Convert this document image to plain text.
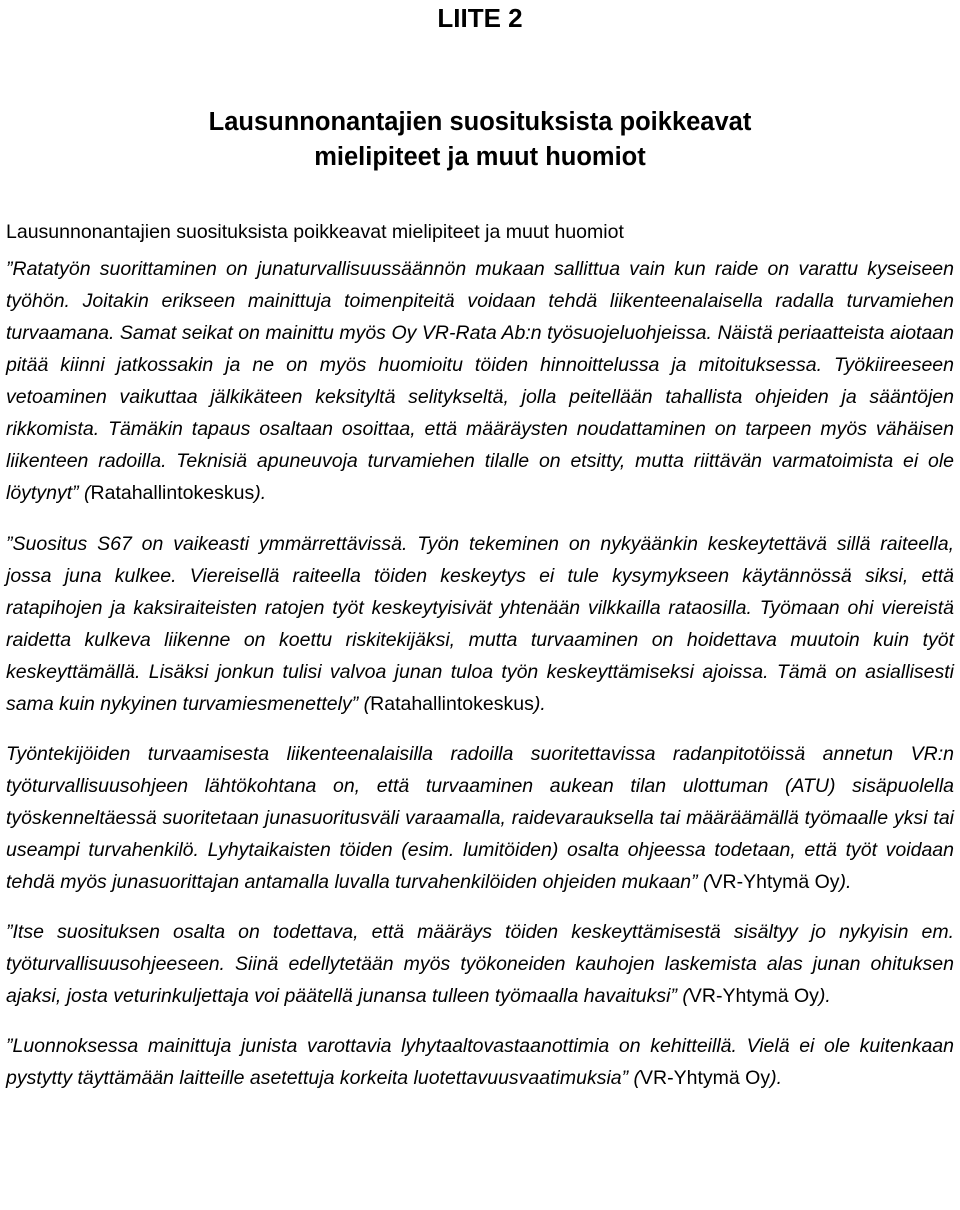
LIITE 2
Lausunnonantajien suosituksista poikkeavat
mielipiteet ja muut huomiot
Lausunnonantajien suosituksista poikkeavat mielipiteet ja muut huomiot

”Ratatyön suorittaminen on junaturvallisuussäännön mukaan sallittua vain kun raide on varattu kyseiseen työhön. Joitakin erikseen mainittuja toimenpiteitä voidaan tehdä liikenteenalaisella radalla turvamiehen turvaamana. Samat seikat on mainittu myös Oy VR-Rata Ab:n työsuojeluohjeissa. Näistä periaatteista aiotaan pitää kiinni jatkossakin ja ne on myös huomioitu töiden hinnoittelussa ja mitoituksessa. Työkiireeseen vetoaminen vaikuttaa jälkikäteen keksityltä selitykseltä, jolla peitellään tahallista ohjeiden ja sääntöjen rikkomista. Tämäkin tapaus osaltaan osoittaa, että määräysten noudattaminen on tarpeen myös vähäisen liikenteen radoilla. Teknisiä apuneuvoja turvamiehen tilalle on etsitty, mutta riittävän varmatoimista ei ole löytynyt” (Ratahallintokeskus).

”Suositus S67 on vaikeasti ymmärrettävissä. Työn tekeminen on nykyäänkin keskeytettävä sillä raiteella, jossa juna kulkee. Viereisellä raiteella töiden keskeytys ei tule kysymykseen käytännössä siksi, että ratapihojen ja kaksiraiteisten ratojen työt keskeytyisivät yhtenään vilkkailla rataosilla. Työmaan ohi viereistä raidetta kulkeva liikenne on koettu riskitekijäksi, mutta turvaaminen on hoidettava muutoin kuin työt keskeyttämällä. Lisäksi jonkun tulisi valvoa junan tuloa työn keskeyttämiseksi ajoissa. Tämä on asiallisesti sama kuin nykyinen turvamiesmenettely” (Ratahallintokeskus).

Työntekijöiden turvaamisesta liikenteenalaisilla radoilla suoritettavissa radanpitotöissä annetun VR:n työturvallisuusohjeen lähtökohtana on, että turvaaminen aukean tilan ulottuman (ATU) sisäpuolella työskenneltäessä suoritetaan junasuoritusväli varaamalla, raidevarauksella tai määräämällä työmaalle yksi tai useampi turvahenkilö. Lyhytaikaisten töiden (esim. lumitöiden) osalta ohjeessa todetaan, että työt voidaan tehdä myös junasuorittajan antamalla luvalla turvahenkilöiden ohjeiden mukaan” (VR-Yhtymä Oy).

”Itse suosituksen osalta on todettava, että määräys töiden keskeyttämisestä sisältyy jo nykyisin em. työturvallisuusohjeeseen. Siinä edellytetään myös työkoneiden kauhojen laskemista alas junan ohituksen ajaksi, josta veturinkuljettaja voi päätellä junansa tulleen työmaalla havaituksi” (VR-Yhtymä Oy).

”Luonnoksessa mainittuja junista varottavia lyhytaaltovastaanottimia on kehitteillä. Vielä ei ole kuitenkaan pystytty täyttämään laitteille asetettuja korkeita luotettavuusvaatimuksia” (VR-Yhtymä Oy).
